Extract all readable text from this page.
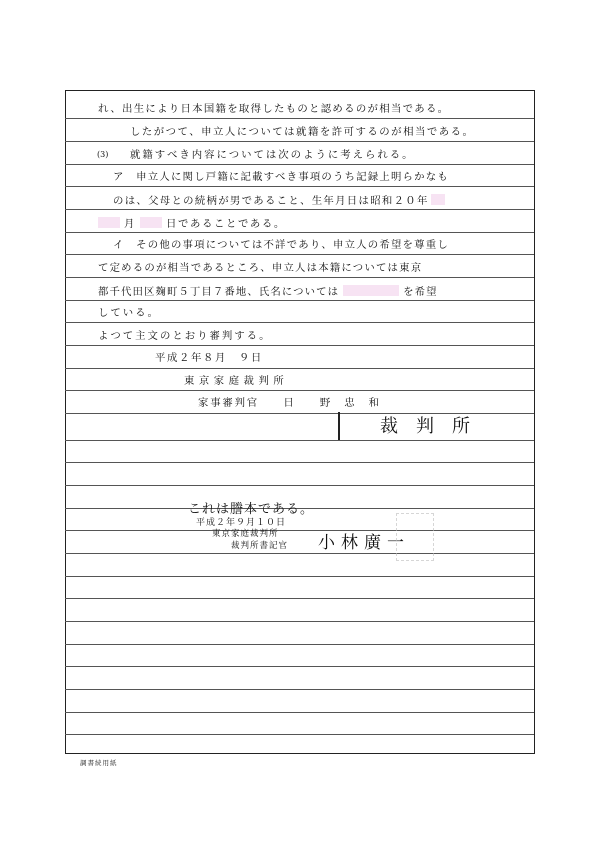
れ、出生により日本国籍を取得したものと認めるのが相当である。
したがつて、申立人については就籍を許可するのが相当である。
(3) 就籍すべき内容については次のように考えられる。
ア　申立人に関し戸籍に記載すべき事項のうち記録上明らかなも
のは、父母との続柄が男であること、生年月日は昭和２０年
月	日であることである。
イ　その他の事項については不詳であり、申立人の希望を尊重し
て定めるのが相当であるところ、申立人は本籍については東京
都千代田区麹町５丁目７番地、氏名については	を希望
している。
よつて主文のとおり審判する。
平成２年８月　９日
東京家庭裁判所
家事審判官　　日　　野　忠　和
裁判所
これは謄本である。
平成２年９月１０日
東京家庭裁判所
裁判所書記官 小林廣一
調書続用紙
